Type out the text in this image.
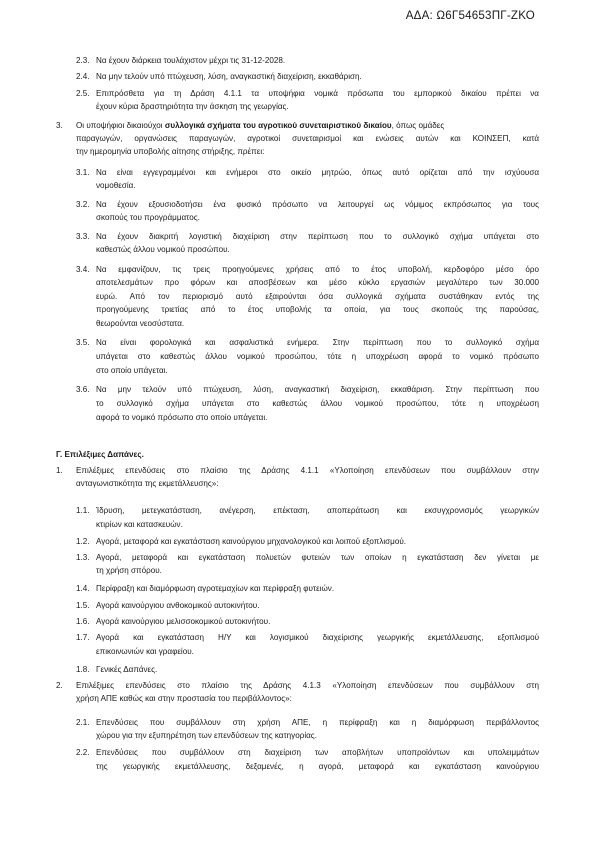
ΑΔΑ: Ω6Γ54653ΠΓ-ΖΚΟ
2.3. Να έχουν διάρκεια τουλάχιστον μέχρι τις 31-12-2028.
2.4. Να μην τελούν υπό πτώχευση, λύση, αναγκαστική διαχείριση, εκκαθάριση.
2.5. Επιπρόσθετα για τη Δράση 4.1.1 τα υποψήφια νομικά πρόσωπα του εμπορικού δικαίου πρέπει να
έχουν κύρια δραστηριότητα την άσκηση της γεωργίας.
3. Οι υποψήφιοι δικαιούχοι συλλογικά σχήματα του αγροτικού συνεταιριστικού δικαίου, όπως ομάδες
παραγωγών, οργανώσεις παραγωγών, αγροτικοί συνεταιρισμοί και ενώσεις αυτών και ΚΟΙΝΣΕΠ, κατά
την ημερομηνία υποβολής αίτησης στήριξης, πρέπει:
3.1. Να είναι εγγεγραμμένοι και ενήμεροι στο οικείο μητρώο, όπως αυτό ορίζεται από την ισχύουσα
νομοθεσία.
3.2. Να έχουν εξουσιοδοτήσει ένα φυσικό πρόσωπο να λειτουργεί ως νόμιμος εκπρόσωπος για τους
σκοπούς του προγράμματος.
3.3. Να έχουν διακριτή λογιστική διαχείριση στην περίπτωση που το συλλογικό σχήμα υπάγεται στο
καθεστώς άλλου νομικού προσώπου.
3.4. Να εμφανίζουν, τις τρεις προηγούμενες χρήσεις από το έτος υποβολή, κερδοφόρο μέσο όρο
αποτελεσμάτων προ φόρων και αποσβέσεων και μέσο κύκλο εργασιών μεγαλύτερο των 30.000
ευρώ. Από τον περιορισμό αυτό εξαιρούνται όσα συλλογικά σχήματα συστάθηκαν εντός της
προηγούμενης τριετίας από το έτος υποβολής τα οποία, για τους σκοπούς της παρούσας,
θεωρούνται νεοσύστατα.
3.5. Να είναι φορολογικά και ασφαλιστικά ενήμερα. Στην περίπτωση που το συλλογικό σχήμα
υπάγεται στο καθεστώς άλλου νομικού προσώπου, τότε η υποχρέωση αφορά το νομικό πρόσωπο
στο οποίο υπάγεται.
3.6. Να μην τελούν υπό πτώχευση, λύση, αναγκαστική διαχείριση, εκκαθάριση. Στην περίπτωση που
το συλλογικό σχήμα υπάγεται στο καθεστώς άλλου νομικού προσώπου, τότε η υποχρέωση
αφορά το νομικό πρόσωπο στο οποίο υπάγεται.
Γ. Επιλέξιμες Δαπάνες.
1. Επιλέξιμες επενδύσεις στο πλαίσιο της Δράσης 4.1.1 «Υλοποίηση επενδύσεων που συμβάλλουν στην
ανταγωνιστικότητα της εκμετάλλευσης»:
1.1. Ίδρυση, μετεγκατάσταση, ανέγερση, επέκταση, αποπεράτωση και εκσυγχρονισμός γεωργικών
κτιρίων και κατασκευών.
1.2. Αγορά, μεταφορά και εγκατάσταση καινούργιου μηχανολογικού και λοιπού εξοπλισμού.
1.3. Αγορά, μεταφορά και εγκατάσταση πολυετών φυτειών των οποίων η εγκατάσταση δεν γίνεται με
τη χρήση σπόρου.
1.4. Περίφραξη και διαμόρφωση αγροτεμαχίων και περίφραξη φυτειών.
1.5. Αγορά καινούργιου ανθοκομικού αυτοκινήτου.
1.6. Αγορά καινούργιου μελισσοκομικού αυτοκινήτου.
1.7. Αγορά και εγκατάσταση Η/Υ και λογισμικού διαχείρισης γεωργικής εκμετάλλευσης, εξοπλισμού
επικοινωνιών και γραφείου.
1.8. Γενικές Δαπάνες.
2. Επιλέξιμες επενδύσεις στο πλαίσιο της Δράσης 4.1.3 «Υλοποίηση επενδύσεων που συμβάλλουν στη
χρήση ΑΠΕ καθώς και στην προστασία του περιβάλλοντος»:
2.1. Επενδύσεις που συμβάλλουν στη χρήση ΑΠΕ, η περίφραξη και η διαμόρφωση περιβάλλοντος
χώρου για την εξυπηρέτηση των επενδύσεων της κατηγορίας.
2.2. Επενδύσεις που συμβάλλουν στη διαχείριση των αποβλήτων υποπροϊόντων και υπολειμμάτων
της γεωργικής εκμετάλλευσης, δεξαμενές, η αγορά, μεταφορά και εγκατάσταση καινούργιου
